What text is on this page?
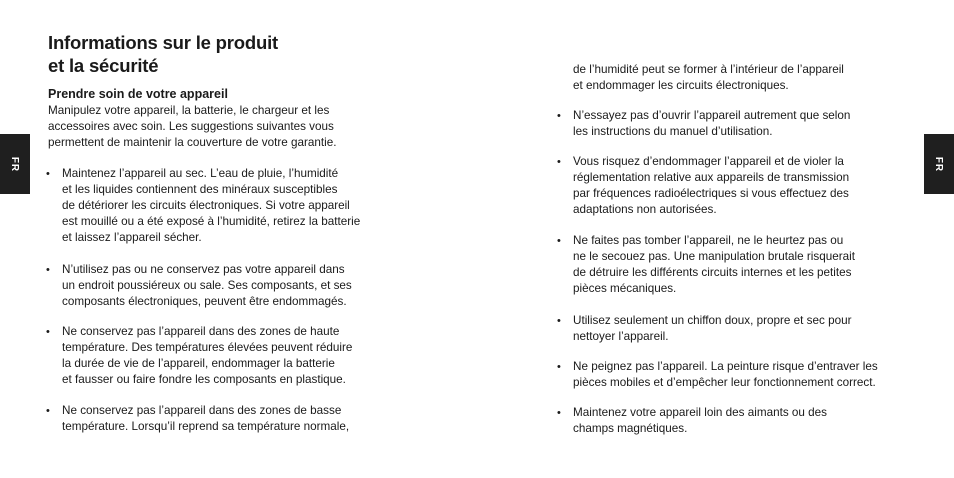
FR	FR
Informations sur le produit
et la sécurité
Prendre soin de votre appareil

Manipulez votre appareil, la batterie, le chargeur et les
accessoires avec soin. Les suggestions suivantes vous
permettent de maintenir la couverture de votre garantie.

• Maintenez l’appareil au sec. L’eau de pluie, l’humidité
et les liquides contiennent des minéraux susceptibles
de détériorer les circuits électroniques. Si votre appareil
est mouillé ou a été exposé à l’humidité, retirez la batterie
et laissez l’appareil sécher.
• N’utilisez pas ou ne conservez pas votre appareil dans
un endroit poussiéreux ou sale. Ses composants, et ses
composants électroniques, peuvent être endommagés.
• Ne conservez pas l’appareil dans des zones de haute
température. Des températures élevées peuvent réduire
la durée de vie de l’appareil, endommager la batterie
et fausser ou faire fondre les composants en plastique.
• Ne conservez pas l’appareil dans des zones de basse
température. Lorsqu’il reprend sa température normale,

de l’humidité peut se former à l’intérieur de l’appareil
et endommager les circuits électroniques.

• N’essayez pas d’ouvrir l’appareil autrement que selon
les instructions du manuel d’utilisation.
• Vous risquez d’endommager l’appareil et de violer la
réglementation relative aux appareils de transmission
par fréquences radioélectriques si vous effectuez des
adaptations non autorisées.
• Ne faites pas tomber l’appareil, ne le heurtez pas ou
ne le secouez pas. Une manipulation brutale risquerait
de détruire les différents circuits internes et les petites
pièces mécaniques.
• Utilisez seulement un chiffon doux, propre et sec pour
nettoyer l’appareil.
• Ne peignez pas l’appareil. La peinture risque d’entraver les
pièces mobiles et d’empêcher leur fonctionnement correct.
• Maintenez votre appareil loin des aimants ou des
champs magnétiques.
